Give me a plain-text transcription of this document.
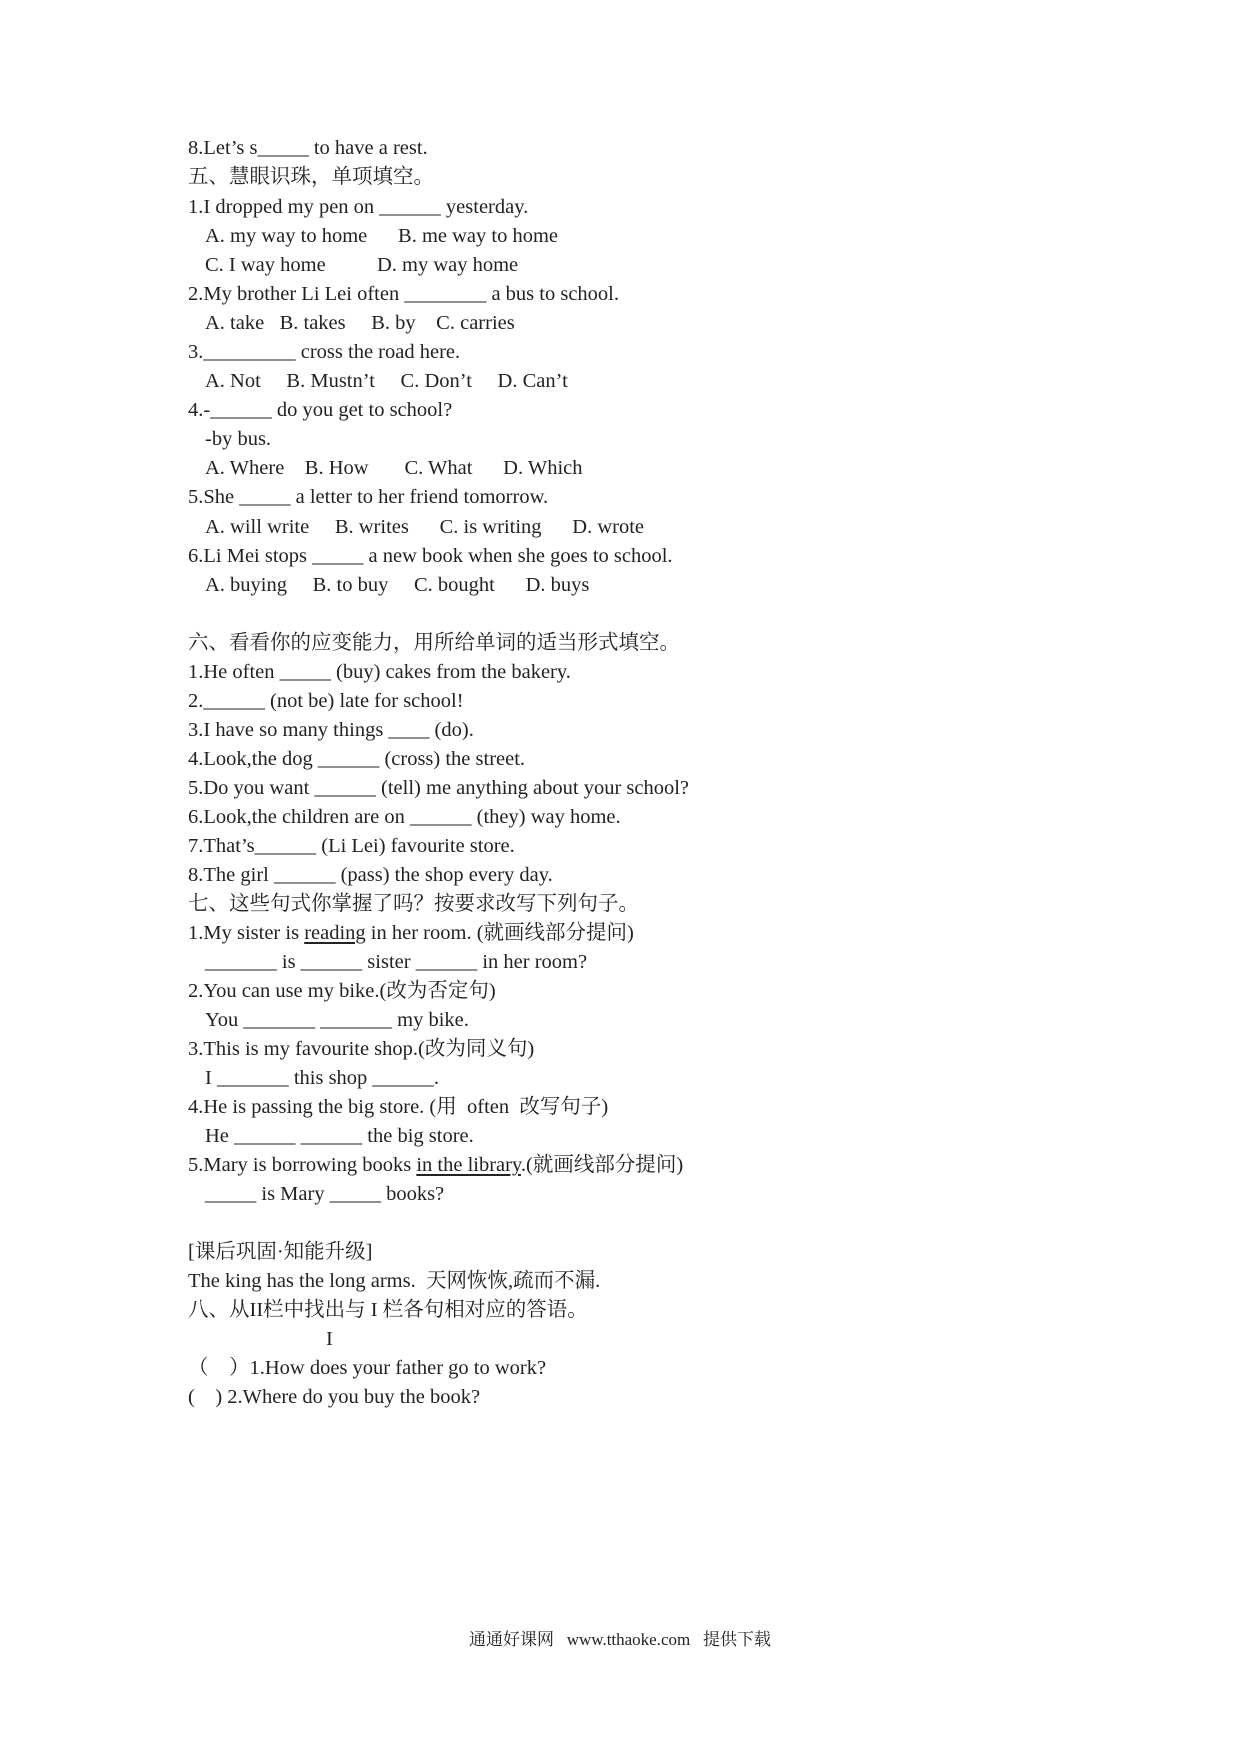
8.Let’s s_____ to have a rest.
五、慧眼识珠，单项填空。
1.I dropped my pen on ______ yesterday.
A. my way to home      B. me way to home
C. I way home          D. my way home
2.My brother Li Lei often ________ a bus to school.
A. take   B. takes     B. by    C. carries
3._________ cross the road here.
A. Not     B. Mustn’t     C. Don’t     D. Can’t
4.-______ do you get to school?
-by bus.
A. Where    B. How       C. What      D. Which
5.She _____ a letter to her friend tomorrow.
A. will write     B. writes      C. is writing      D. wrote
6.Li Mei stops _____ a new book when she goes to school.
A. buying     B. to buy     C. bought      D. buys
六、看看你的应变能力，用所给单词的适当形式填空。
1.He often _____ (buy) cakes from the bakery.
2.______ (not be) late for school!
3.I have so many things ____ (do).
4.Look,the dog ______ (cross) the street.
5.Do you want ______ (tell) me anything about your school?
6.Look,the children are on ______ (they) way home.
7.That’s______ (Li Lei) favourite store.
8.The girl ______ (pass) the shop every day.
七、这些句式你掌握了吗？按要求改写下列句子。
1.My sister is reading in her room. (就画线部分提问)
_______ is ______ sister ______ in her room?
2.You can use my bike.(改为否定句)
You _______ _______ my bike.
3.This is my favourite shop.(改为同义句)
I _______ this shop ______.
4.He is passing the big store. (用  often  改写句子)
He ______ ______ the big store.
5.Mary is borrowing books in the library.(就画线部分提问)
_____ is Mary _____ books?
[课后巩固·知能升级]
The king has the long arms.  天网恢恢,疏而不漏.
八、从II栏中找出与 I 栏各句相对应的答语。
I
（    ）1.How does your father go to work?
(    ) 2.Where do you buy the book?
通通好课网   www.tthaoke.com   提供下载
